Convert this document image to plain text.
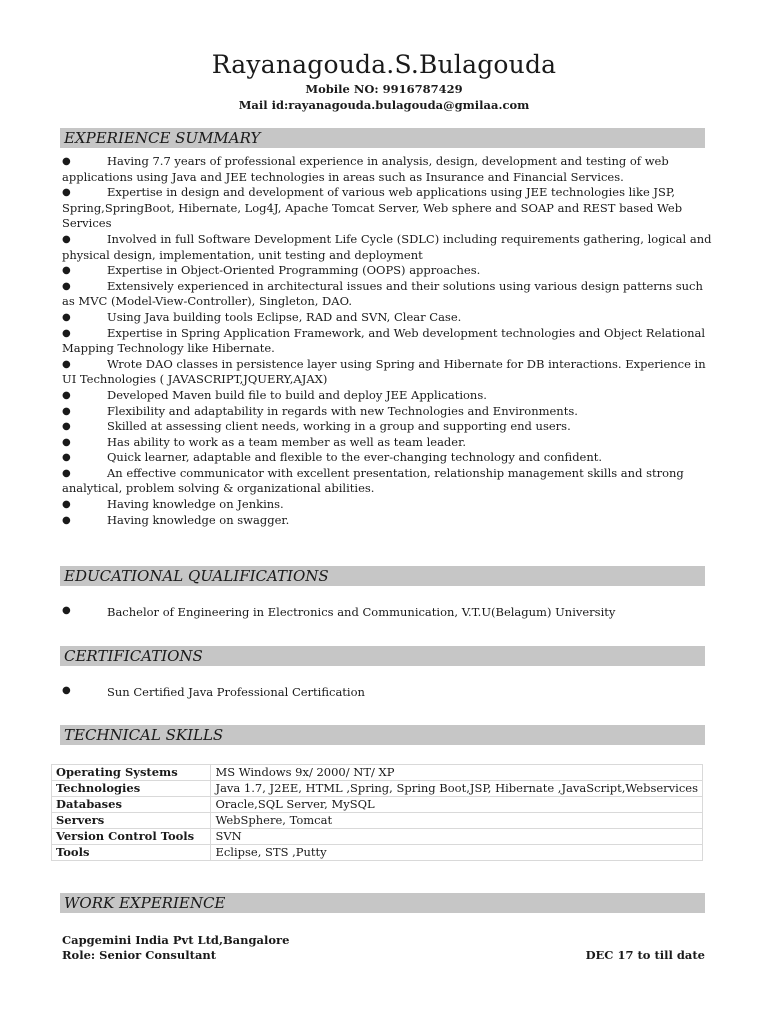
Rayanagouda.S.Bulagouda
Mobile NO: 9916787429
Mail id:rayanagouda.bulagouda@gmilaa.com
EXPERIENCE SUMMARY
●	Having 7.7 years of professional experience in analysis, design, development and testing of web applications using Java and JEE technologies in areas such as Insurance and Financial Services.
●	Expertise in design and development of various web applications using JEE technologies like JSP, Spring,SpringBoot, Hibernate, Log4J, Apache Tomcat Server, Web sphere and SOAP and REST based Web Services
●	Involved in full Software Development Life Cycle (SDLC) including requirements gathering, logical and physical design, implementation, unit testing and deployment
●	Expertise in Object-Oriented Programming (OOPS) approaches.
●	Extensively experienced in architectural issues and their solutions using various design patterns such as MVC (Model-View-Controller), Singleton, DAO.
●	Using Java building tools Eclipse, RAD and SVN, Clear Case.
●	Expertise in Spring Application Framework, and Web development technologies and Object Relational Mapping Technology like Hibernate.
●	Wrote DAO classes in persistence layer using Spring and Hibernate for DB interactions. Experience in UI Technologies ( JAVASCRIPT,JQUERY,AJAX)
●	Developed Maven build file to build and deploy JEE Applications.
●	Flexibility and adaptability in regards with new Technologies and Environments.
●	Skilled at assessing client needs, working in a group and supporting end users.
●	Has ability to work as a team member as well as team leader.
●	Quick learner, adaptable and flexible to the ever-changing technology and confident.
●	An effective communicator with excellent presentation, relationship management skills and strong analytical, problem solving & organizational abilities.
●	Having knowledge on Jenkins.
●	Having knowledge on swagger.
EDUCATIONAL QUALIFICATIONS
●	Bachelor of Engineering in Electronics and Communication, V.T.U(Belagum) University
CERTIFICATIONS
●	Sun Certified Java Professional Certification
TECHNICAL SKILLS
Operating Systems	MS Windows 9x/ 2000/ NT/ XP
Technologies	Java 1.7, J2EE, HTML ,Spring, Spring Boot,JSP, Hibernate ,JavaScript,Webservices
Databases	Oracle,SQL Server, MySQL
Servers	WebSphere, Tomcat
Version Control Tools	SVN
Tools	Eclipse, STS ,Putty
WORK EXPERIENCE
Capgemini India Pvt Ltd,Bangalore
Role: Senior Consultant	DEC 17 to till date
